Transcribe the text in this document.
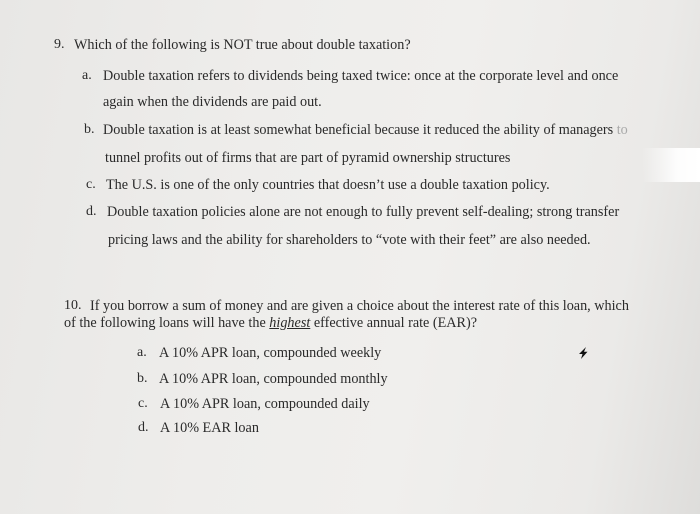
9. Which of the following is NOT true about double taxation?
a. Double taxation refers to dividends being taxed twice: once at the corporate level and once
again when the dividends are paid out.
b. Double taxation is at least somewhat beneficial because it reduced the ability of managers to
tunnel profits out of firms that are part of pyramid ownership structures
c. The U.S. is one of the only countries that doesn’t use a double taxation policy.
d. Double taxation policies alone are not enough to fully prevent self-dealing; strong transfer
pricing laws and the ability for shareholders to “vote with their feet” are also needed.
10. If you borrow a sum of money and are given a choice about the interest rate of this loan, which
of the following loans will have the highest effective annual rate (EAR)?
a. A 10% APR loan, compounded weekly
b. A 10% APR loan, compounded monthly
c. A 10% APR loan, compounded daily
d. A 10% EAR loan
